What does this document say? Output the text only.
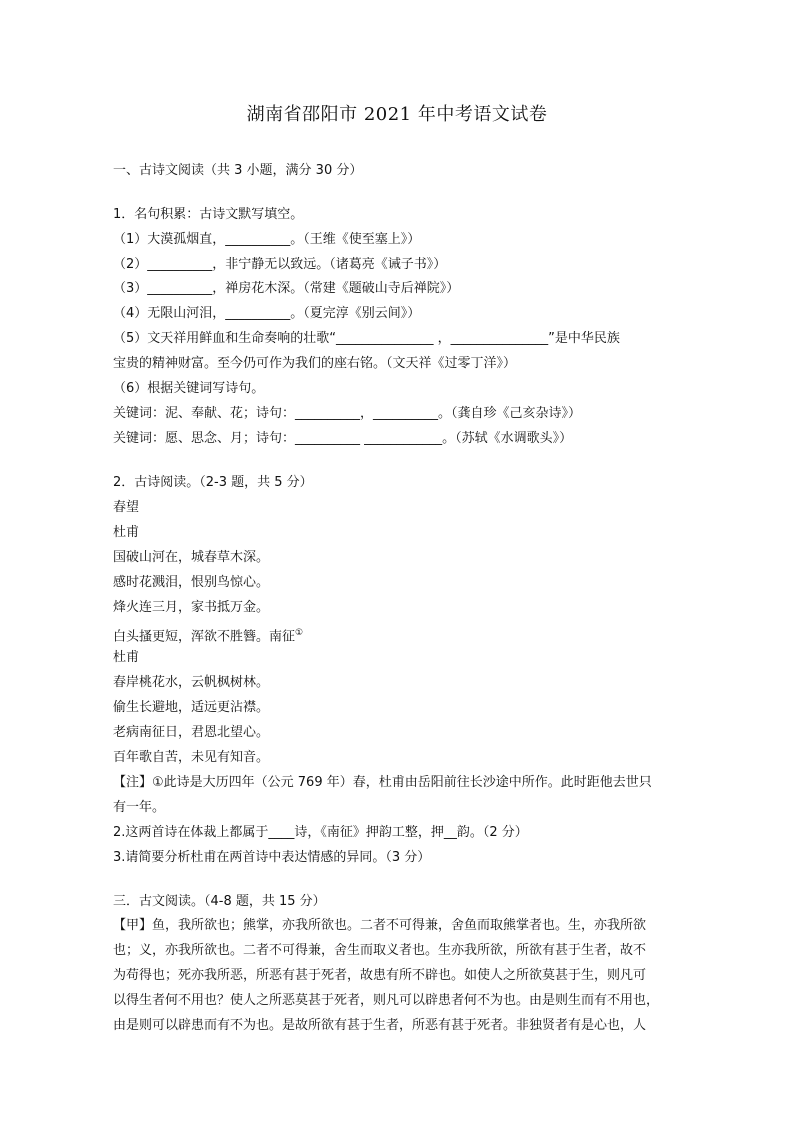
湖南省邵阳市 2021 年中考语文试卷
一、古诗文阅读（共 3 小题，满分 30 分）
1．名句积累：古诗文默写填空。
（1）大漠孤烟直，__________。（王维《使至塞上》）
（2）__________，非宁静无以致远。（诸葛亮《诫子书》）
（3）__________，禅房花木深。（常建《题破山寺后禅院》）
（4）无限山河泪，__________。（夏完淳《别云间》）
（5）文天祥用鲜血和生命奏响的壮歌“_______________ ，_______________”是中华民族
宝贵的精神财富。至今仍可作为我们的座右铭。（文天祥《过零丁洋》）
（6）根据关键词写诗句。
关键词：泥、奉献、花；诗句：__________，__________。（龚自珍《己亥杂诗》）
关键词：愿、思念、月；诗句：__________ ____________。（苏轼《水调歌头》）
2．古诗阅读。（2-3 题，共 5 分）
春望
杜甫
国破山河在，城春草木深。
感时花溅泪，恨别鸟惊心。
烽火连三月，家书抵万金。
白头搔更短，浑欲不胜簪。南征①
杜甫
春岸桃花水，云帆枫树林。
偷生长避地，适远更沾襟。
老病南征日，君恩北望心。
百年歌自苦，未见有知音。
【注】①此诗是大历四年（公元 769 年）春，杜甫由岳阳前往长沙途中所作。此时距他去世只
有一年。
2.这两首诗在体裁上都属于____诗，《南征》押韵工整，押__韵。（2 分）
3.请简要分析杜甫在两首诗中表达情感的异同。（3 分）
三．古文阅读。（4-8 题，共 15 分）
【甲】鱼，我所欲也；熊掌，亦我所欲也。二者不可得兼，舍鱼而取熊掌者也。生，亦我所欲
也；义，亦我所欲也。二者不可得兼，舍生而取义者也。生亦我所欲，所欲有甚于生者，故不
为苟得也；死亦我所恶，所恶有甚于死者，故患有所不辟也。如使人之所欲莫甚于生，则凡可
以得生者何不用也？使人之所恶莫甚于死者，则凡可以辟患者何不为也。由是则生而有不用也，
由是则可以辟患而有不为也。是故所欲有甚于生者，所恶有甚于死者。非独贤者有是心也，人
